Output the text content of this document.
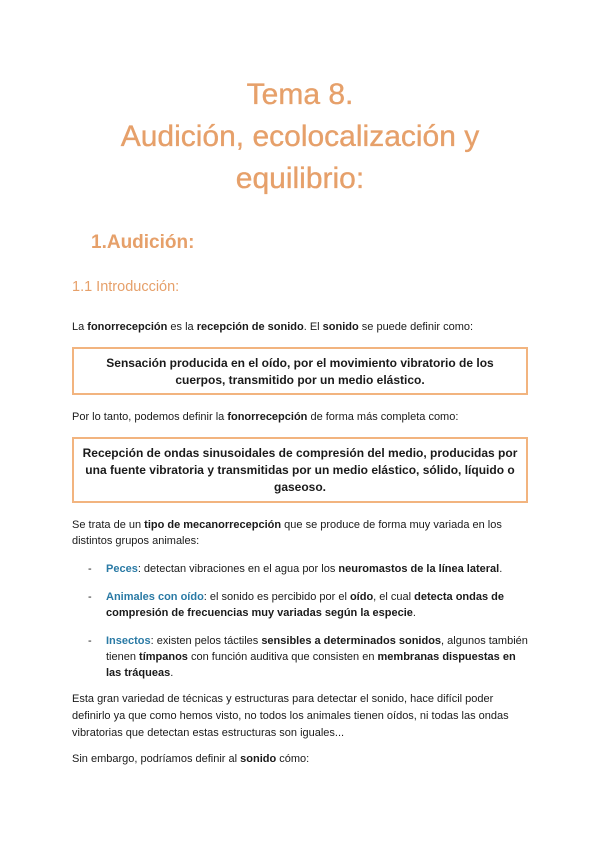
Tema 8.
Audición, ecolocalización y
equilibrio:
1.Audición:
1.1 Introducción:

La fonorrecepción es la recepción de sonido. El sonido se puede definir como:

Sensación producida en el oído, por el movimiento vibratorio de los
cuerpos, transmitido por un medio elástico.

Por lo tanto, podemos definir la fonorrecepción de forma más completa como:

Recepción de ondas sinusoidales de compresión del medio, producidas por
una fuente vibratoria y transmitidas por un medio elástico, sólido, líquido o
gaseoso.

Se trata de un tipo de mecanorrecepción que se produce de forma muy variada en los distintos grupos animales:

- Peces: detectan vibraciones en el agua por los neuromastos de la línea lateral.
- Animales con oído: el sonido es percibido por el oído, el cual detecta ondas de compresión de frecuencias muy variadas según la especie.
- Insectos: existen pelos táctiles sensibles a determinados sonidos, algunos también tienen tímpanos con función auditiva que consisten en membranas dispuestas en las tráqueas.

Esta gran variedad de técnicas y estructuras para detectar el sonido, hace difícil poder definirlo ya que como hemos visto, no todos los animales tienen oídos, ni todas las ondas vibratorias que detectan estas estructuras son iguales...

Sin embargo, podríamos definir al sonido cómo:
